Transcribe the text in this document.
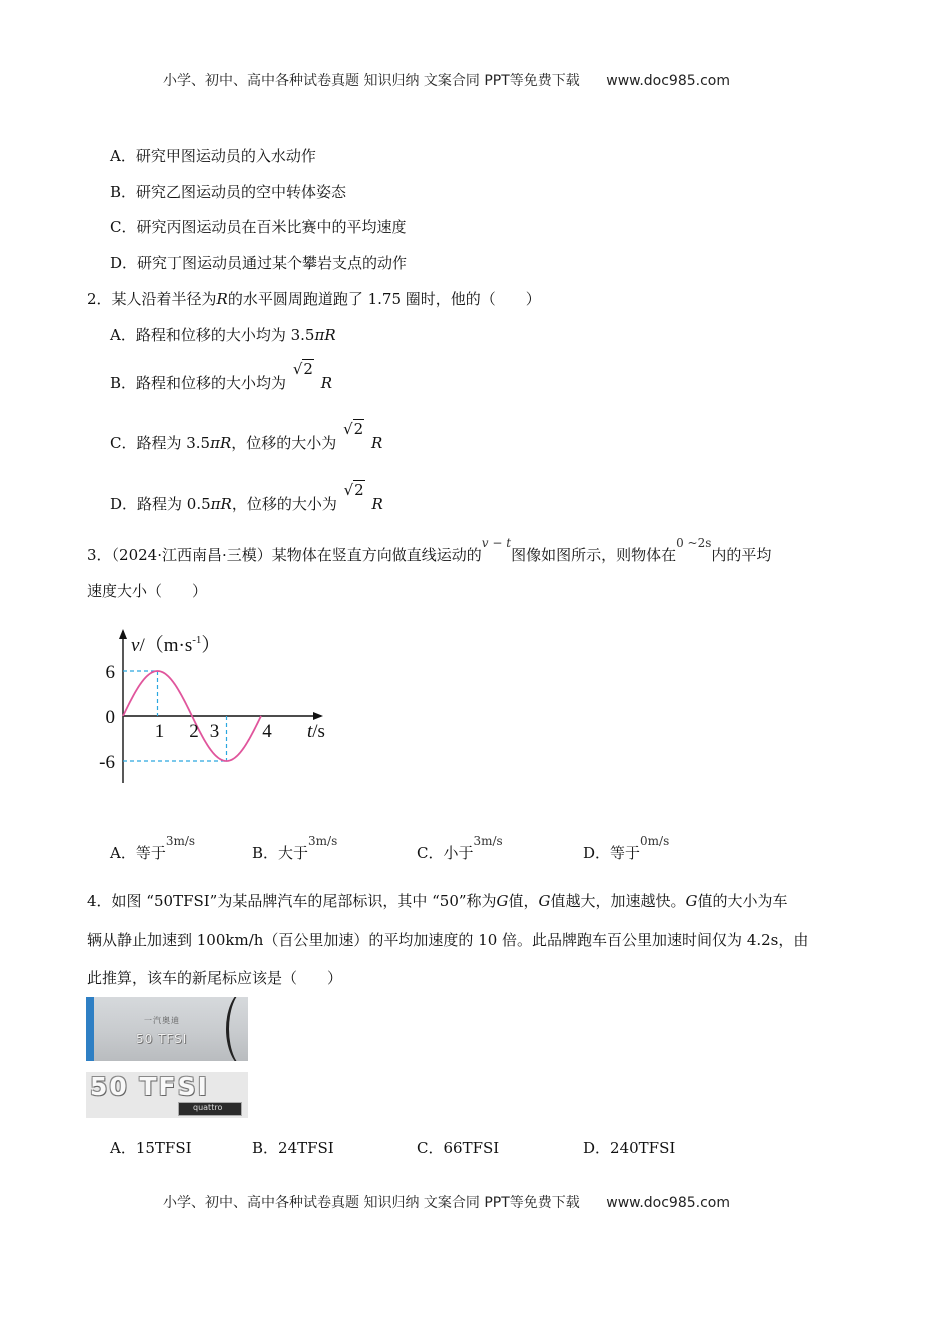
小学、初中、高中各种试卷真题 知识归纳 文案合同 PPT等免费下载 www.doc985.com
A．研究甲图运动员的入水动作
B．研究乙图运动员的空中转体姿态
C．研究丙图运动员在百米比赛中的平均速度
D．研究丁图运动员通过某个攀岩支点的动作
2．某人沿着半径为R的水平圆周跑道跑了 1.75 圈时，他的（　　）
A．路程和位移的大小均为 3.5πR
B．路程和位移的大小均为 √2 R
C．路程为 3.5πR，位移的大小为 √2 R
D．路程为 0.5πR，位移的大小为 √2 R
3．（2024·江西南昌·三模）某物体在竖直方向做直线运动的$^{v - t}$图像如图所示，则物体在$^{0 \sim 2s}$内的平均
速度大小（　　）
1 2 3 4
6
0
-6
$v/(m\cdot s^{-1})$
t/s
A．等于$^{3m/s}$
B．大于$^{3m/s}$
C．小于$^{3m/s}$
D．等于$^{0m/s}$
4．如图 “50TFSI”为某品牌汽车的尾部标识，其中 “50”称为G值，G值越大，加速越快。G值的大小为车
辆从静止加速到 100km/h（百公里加速）的平均加速度的 10 倍。此品牌跑车百公里加速时间仅为 4.2s，由
此推算，该车的新尾标应该是（　　）
一汽奥迪
50 TFSI
50 TFSI
quattro
A．15TFSI	B．24TFSI	C．66TFSI	D．240TFSI
小学、初中、高中各种试卷真题 知识归纳 文案合同 PPT等免费下载 www.doc985.com
